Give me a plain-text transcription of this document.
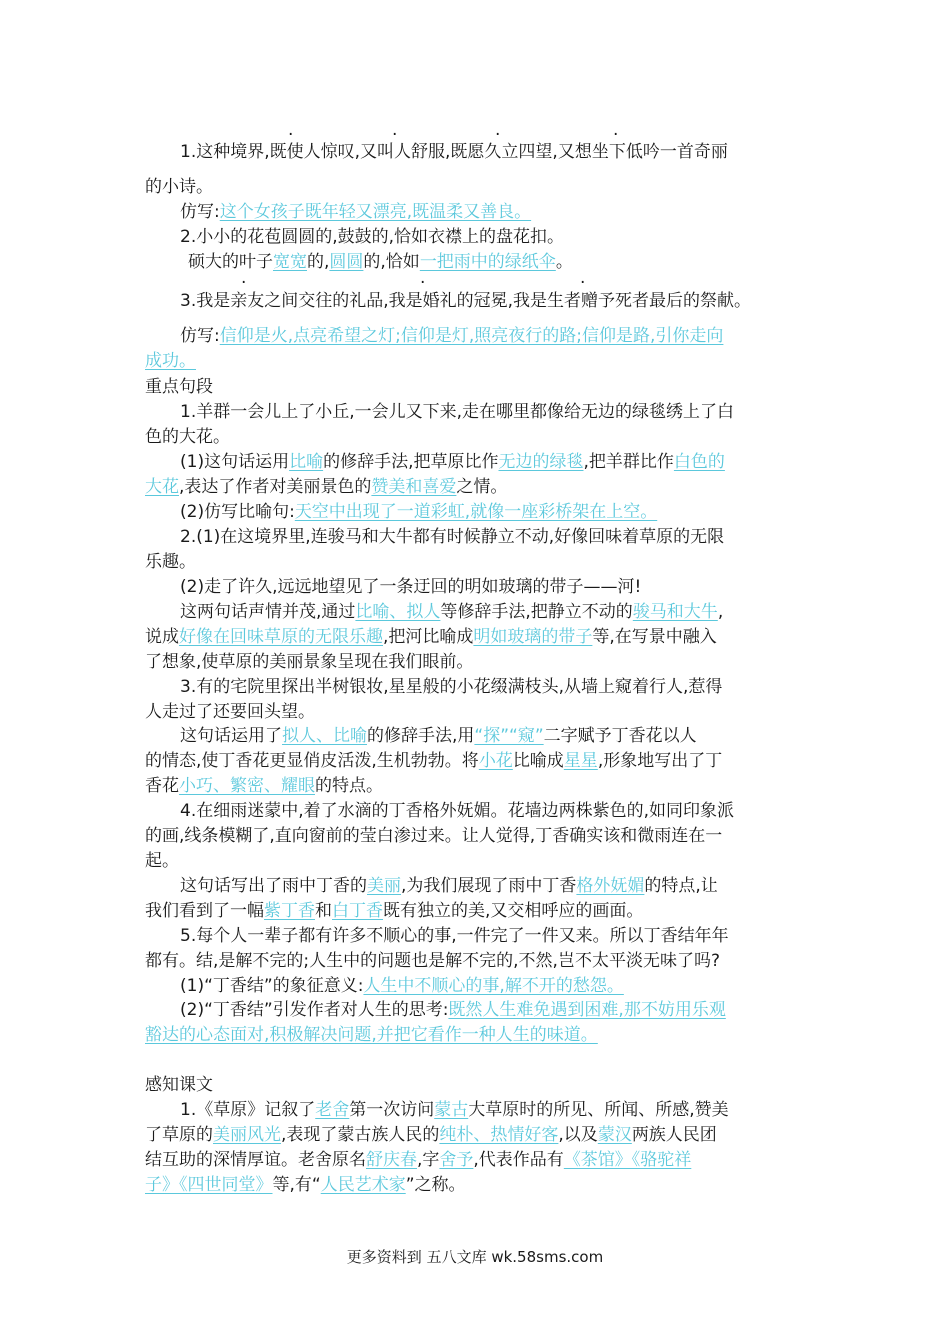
1.这种境界,既使人惊叹,又叫人舒服,既愿久立四望,又想坐下低吟一首奇丽
的小诗。
仿写:这个女孩子既年轻又漂亮,既温柔又善良。
2.小小的花苞圆圆的,鼓鼓的,恰如衣襟上的盘花扣。
硕大的叶子宽宽的,圆圆的,恰如一把雨中的绿纸伞。
3.我是亲友之间交往的礼品,我是婚礼的冠冕,我是生者赠予死者最后的祭献。
仿写:信仰是火,点亮希望之灯;信仰是灯,照亮夜行的路;信仰是路,引你走向
成功。
重点句段
1.羊群一会儿上了小丘,一会儿又下来,走在哪里都像给无边的绿毯绣上了白
色的大花。
(1)这句话运用比喻的修辞手法,把草原比作无边的绿毯,把羊群比作白色的
大花,表达了作者对美丽景色的赞美和喜爱之情。
(2)仿写比喻句:天空中出现了一道彩虹,就像一座彩桥架在上空。
2.(1)在这境界里,连骏马和大牛都有时候静立不动,好像回味着草原的无限
乐趣。
(2)走了许久,远远地望见了一条迂回的明如玻璃的带子——河!
这两句话声情并茂,通过比喻、拟人等修辞手法,把静立不动的骏马和大牛,
说成好像在回味草原的无限乐趣,把河比喻成明如玻璃的带子等,在写景中融入
了想象,使草原的美丽景象呈现在我们眼前。
3.有的宅院里探出半树银妆,星星般的小花缀满枝头,从墙上窥着行人,惹得
人走过了还要回头望。
这句话运用了拟人、比喻的修辞手法,用“探”“窥”二字赋予丁香花以人
的情态,使丁香花更显俏皮活泼,生机勃勃。将小花比喻成星星,形象地写出了丁
香花小巧、繁密、耀眼的特点。
4.在细雨迷蒙中,着了水滴的丁香格外妩媚。花墙边两株紫色的,如同印象派
的画,线条模糊了,直向窗前的莹白渗过来。让人觉得,丁香确实该和微雨连在一
起。
这句话写出了雨中丁香的美丽,为我们展现了雨中丁香格外妩媚的特点,让
我们看到了一幅紫丁香和白丁香既有独立的美,又交相呼应的画面。
5.每个人一辈子都有许多不顺心的事,一件完了一件又来。所以丁香结年年
都有。结,是解不完的;人生中的问题也是解不完的,不然,岂不太平淡无味了吗?
(1)“丁香结”的象征意义:人生中不顺心的事,解不开的愁怨。
(2)“丁香结”引发作者对人生的思考:既然人生难免遇到困难,那不妨用乐观
豁达的心态面对,积极解决问题,并把它看作一种人生的味道。
感知课文
1.《草原》记叙了老舍第一次访问蒙古大草原时的所见、所闻、所感,赞美
了草原的美丽风光,表现了蒙古族人民的纯朴、热情好客,以及蒙汉两族人民团
结互助的深情厚谊。老舍原名舒庆春,字舍予,代表作品有《茶馆》《骆驼祥
子》《四世同堂》等,有“人民艺术家”之称。
·	·	·	·
·	·	·
更多资料到 五八文库 wk.58sms.com
